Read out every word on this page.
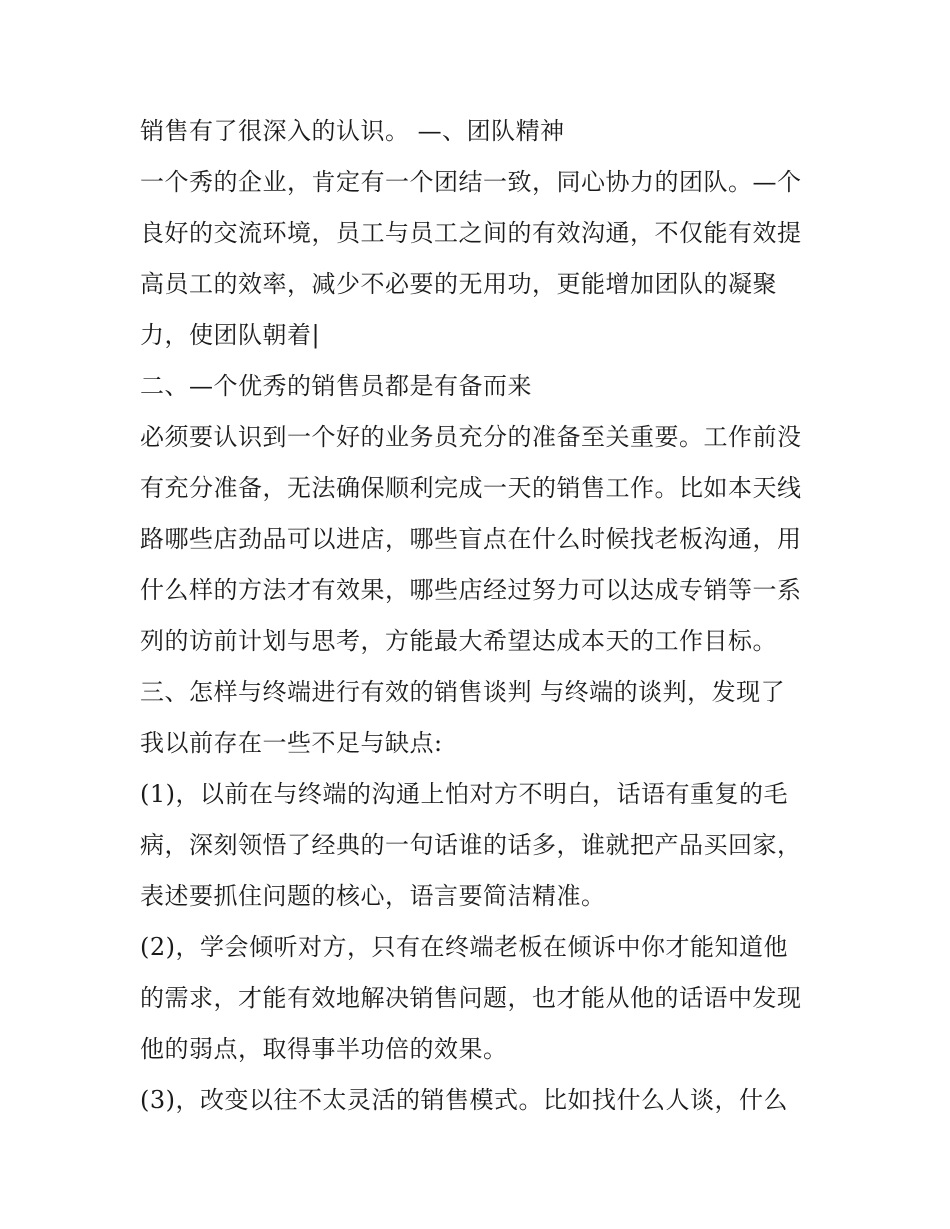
销售有了很深入的认识。 —、团队精神
一个秀的企业，肯定有一个团结一致，同心协力的团队。—个
良好的交流环境，员工与员工之间的有效沟通，不仅能有效提
高员工的效率，减少不必要的无用功，更能增加团队的凝聚
力，使团队朝着|
二、—个优秀的销售员都是有备而来
必须要认识到一个好的业务员充分的准备至关重要。工作前没
有充分准备，无法确保顺利完成一天的销售工作。比如本天线
路哪些店劲品可以进店，哪些盲点在什么时候找老板沟通，用
什么样的方法才有效果，哪些店经过努力可以达成专销等一系
列的访前计划与思考，方能最大希望达成本天的工作目标。
三、怎样与终端进行有效的销售谈判 与终端的谈判，发现了
我以前存在一些不足与缺点:
(1)，以前在与终端的沟通上怕对方不明白，话语有重复的毛
病，深刻领悟了经典的一句话谁的话多，谁就把产品买回家，
表述要抓住问题的核心，语言要简洁精准。
(2)，学会倾听对方，只有在终端老板在倾诉中你才能知道他
的需求，才能有效地解决销售问题，也才能从他的话语中发现
他的弱点，取得事半功倍的效果。
(3)，改变以往不太灵活的销售模式。比如找什么人谈，什么
